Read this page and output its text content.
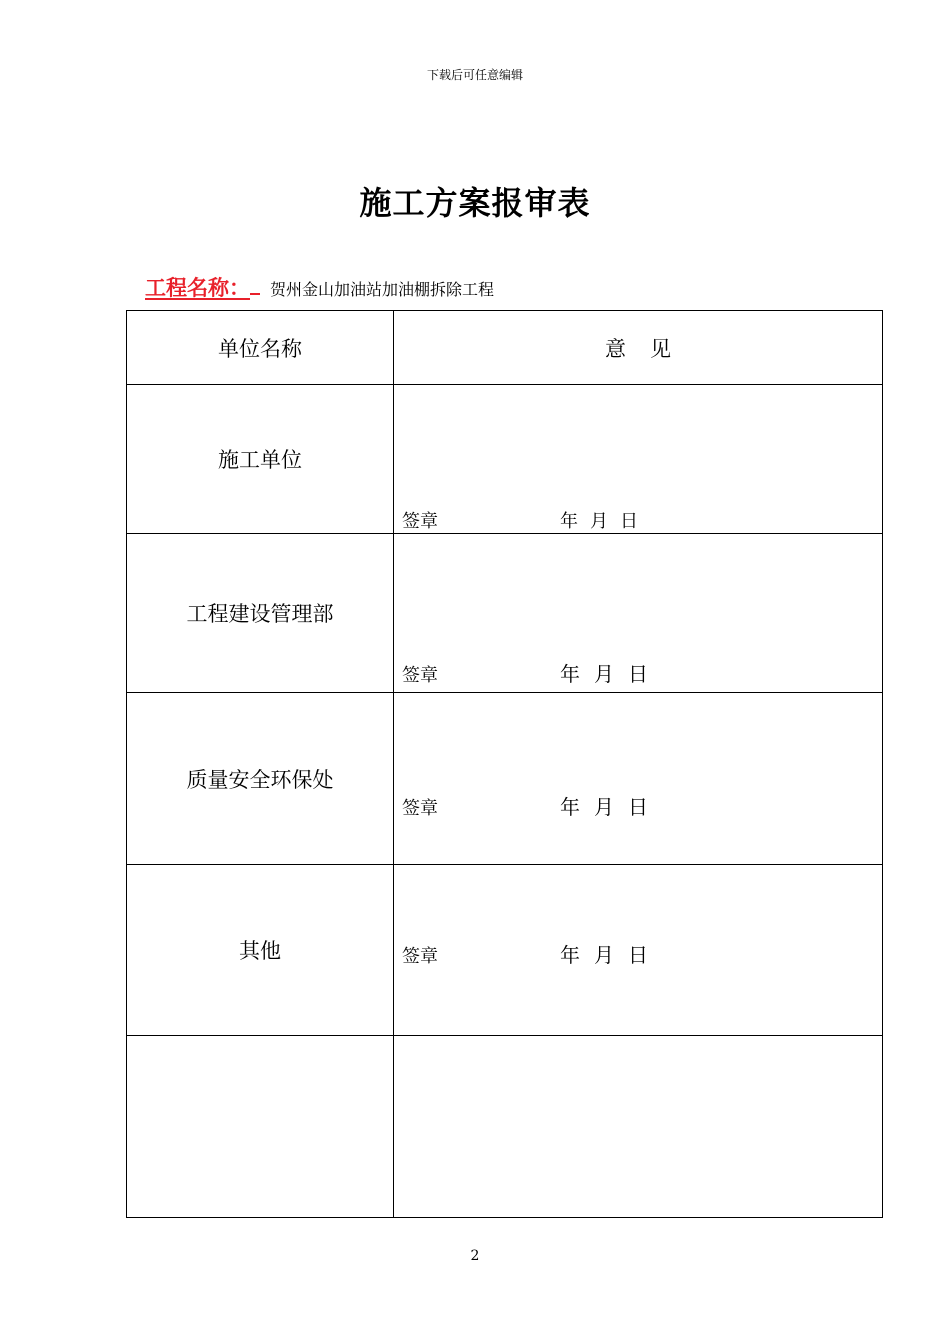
下载后可任意编辑
施工方案报审表
工程名称： 贺州金山加油站加油棚拆除工程
单位名称	意见
施工单位	签章 年 月 日

工程建设管理部	签章 年 月 日

质量安全环保处	签章 年 月 日

其他	签章 年 月 日

2
